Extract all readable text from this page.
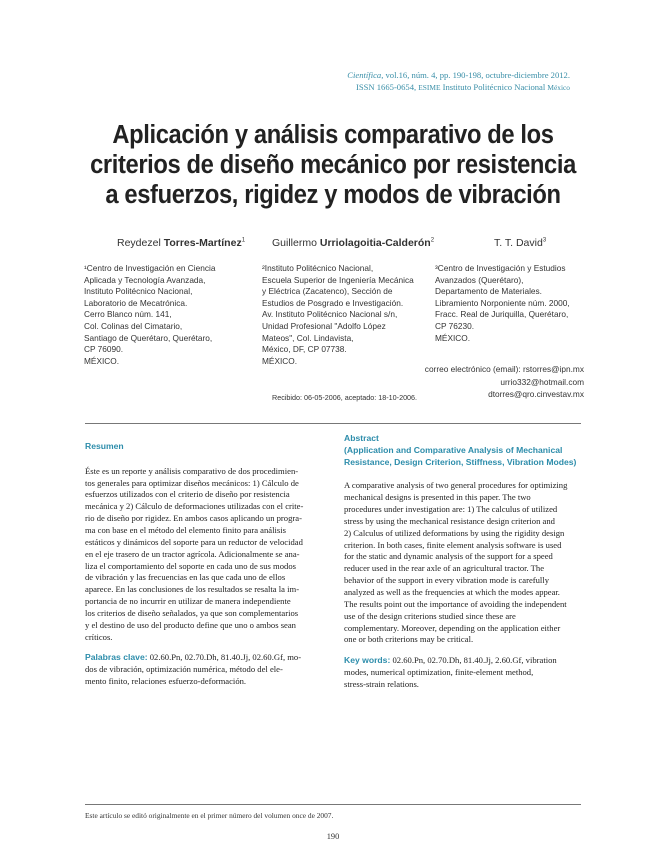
Científica, vol.16, núm. 4, pp. 190-198, octubre-diciembre 2012.
ISSN 1665-0654, ESIME Instituto Politécnico Nacional México
Aplicación y análisis comparativo de los
criterios de diseño mecánico por resistencia
a esfuerzos, rigidez y modos de vibración
Reydezel Torres-Martínez$^1$	Guillermo Urriolagoitia-Calderón$^2$	T. T. David$^3$
¹Centro de Investigación en Ciencia
Aplicada y Tecnología Avanzada,
Instituto Politécnico Nacional,
Laboratorio de Mecatrónica.
Cerro Blanco núm. 141,
Col. Colinas del Cimatario,
Santiago de Querétaro, Querétaro,
CP 76090.
MÉXICO.
²Instituto Politécnico Nacional,
Escuela Superior de Ingeniería Mecánica
y Eléctrica (Zacatenco), Sección de
Estudios de Posgrado e Investigación.
Av. Instituto Politécnico Nacional s/n,
Unidad Profesional "Adolfo López
Mateos", Col. Lindavista,
México, DF, CP 07738.
MÉXICO.
³Centro de Investigación y Estudios
Avanzados (Querétaro),
Departamento de Materiales.
Libramiento Norponiente núm. 2000,
Fracc. Real de Juriquilla, Querétaro,
CP 76230.
MÉXICO.
correo electrónico (email): rstorres@ipn.mx
urrio332@hotmail.com
dtorres@qro.cinvestav.mx
Recibido: 06-05-2006, aceptado: 18-10-2006.
Resumen
Éste es un reporte y análisis comparativo de dos procedimien-
tos generales para optimizar diseños mecánicos: 1) Cálculo de
esfuerzos utilizados con el criterio de diseño por resistencia
mecánica y 2) Cálculo de deformaciones utilizadas con el crite-
rio de diseño por rigidez. En ambos casos aplicando un progra-
ma con base en el método del elemento finito para análisis
estáticos y dinámicos del soporte para un reductor de velocidad
en el eje trasero de un tractor agrícola. Adicionalmente se ana-
liza el comportamiento del soporte en cada uno de sus modos
de vibración y las frecuencias en las que cada uno de ellos
aparece. En las conclusiones de los resultados se resalta la im-
portancia de no incurrir en utilizar de manera independiente
los criterios de diseño señalados, ya que son complementarios
y el destino de uso del producto define que uno o ambos sean
críticos.
Palabras clave: 02.60.Pn, 02.70.Dh, 81.40.Jj, 02.60.Gf, mo-
dos de vibración, optimización numérica, método del ele-
mento finito, relaciones esfuerzo-deformación.
Abstract
(Application and Comparative Analysis of Mechanical
Resistance, Design Criterion, Stiffness, Vibration Modes)
A comparative analysis of two general procedures for optimizing
mechanical designs is presented in this paper. The two
procedures under investigation are: 1) The calculus of utilized
stress by using the mechanical resistance design criterion and
2) Calculus of utilized deformations by using the rigidity design
criterion. In both cases, finite element analysis software is used
for the static and dynamic analysis of the support for a speed
reducer used in the rear axle of an agricultural tractor. The
behavior of the support in every vibration mode is carefully
analyzed as well as the frequencies at which the modes appear.
The results point out the importance of avoiding the independent
use of the design criterions studied since these are
complementary. Moreover, depending on the application either
one or both criterions may be critical.
Key words: 02.60.Pn, 02.70.Dh, 81.40.Jj, 2.60.Gf, vibration
modes, numerical optimization, finite-element method,
stress-strain relations.
Este artículo se editó originalmente en el primer número del volumen once de 2007.
190
